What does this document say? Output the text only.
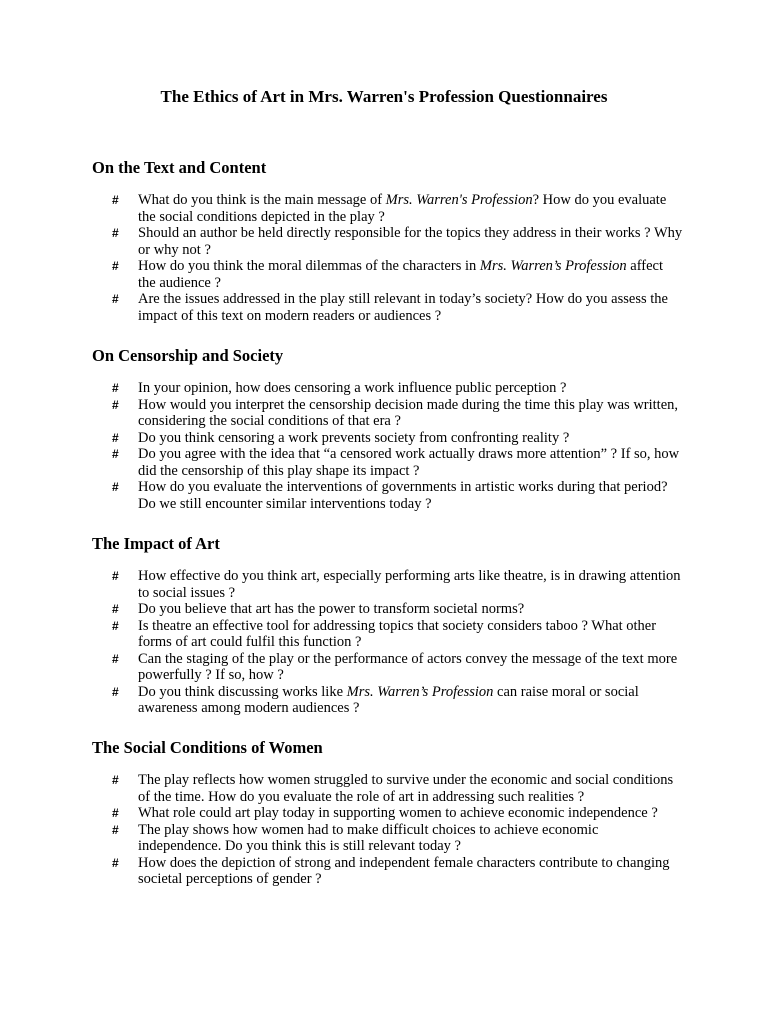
The Ethics of Art in Mrs. Warren's Profession Questionnaires
On the Text and Content
# What do you think is the main message of Mrs. Warren's Profession? How do you evaluate the social conditions depicted in the play ?
# Should an author be held directly responsible for the topics they address in their works ? Why or why not ?
# How do you think the moral dilemmas of the characters in Mrs. Warren’s Profession affect the audience ?
# Are the issues addressed in the play still relevant in today’s society? How do you assess the impact of this text on modern readers or audiences ?
On Censorship and Society
# In your opinion, how does censoring a work influence public perception ?
# How would you interpret the censorship decision made during the time this play was written, considering the social conditions of that era ?
# Do you think censoring a work prevents society from confronting reality ?
# Do you agree with the idea that “a censored work actually draws more attention” ? If so, how did the censorship of this play shape its impact ?
# How do you evaluate the interventions of governments in artistic works during that period? Do we still encounter similar interventions today ?
The Impact of Art
# How effective do you think art, especially performing arts like theatre, is in drawing attention to social issues ?
# Do you believe that art has the power to transform societal norms?
# Is theatre an effective tool for addressing topics that society considers taboo ? What other forms of art could fulfil this function ?
# Can the staging of the play or the performance of actors convey the message of the text more powerfully ? If so, how ?
# Do you think discussing works like Mrs. Warren’s Profession can raise moral or social awareness among modern audiences ?
The Social Conditions of Women
# The play reflects how women struggled to survive under the economic and social conditions of the time. How do you evaluate the role of art in addressing such realities ?
# What role could art play today in supporting women to achieve economic independence ?
# The play shows how women had to make difficult choices to achieve economic independence. Do you think this is still relevant today ?
# How does the depiction of strong and independent female characters contribute to changing societal perceptions of gender ?
